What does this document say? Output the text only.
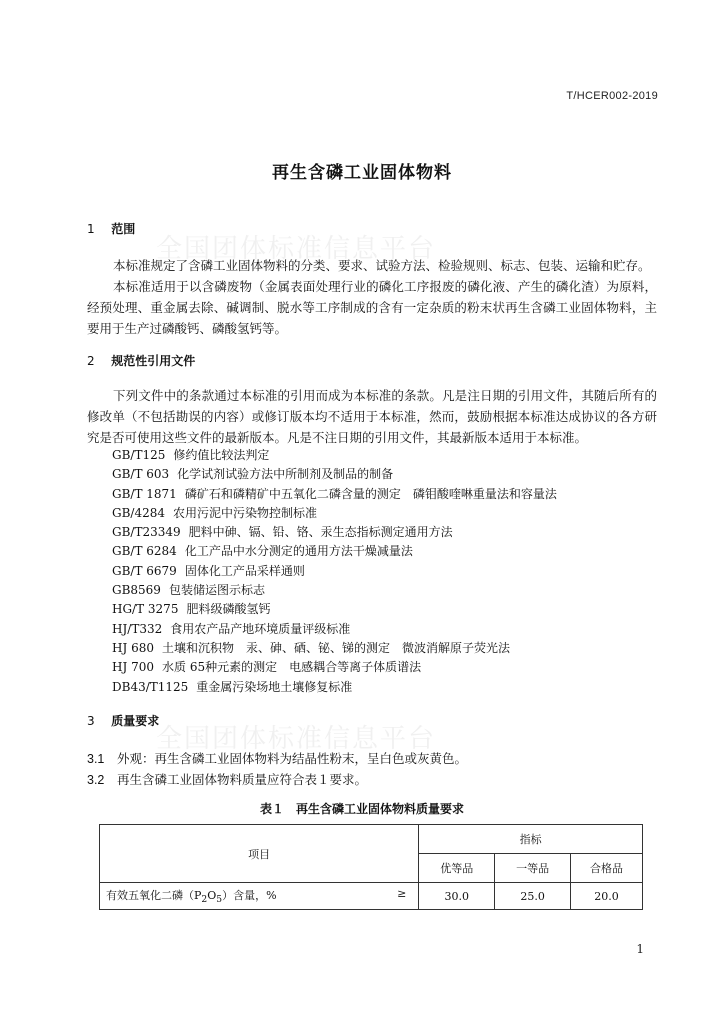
T/HCER002-2019
再生含磷工业固体物料
全国团体标准信息平台
全国团体标准信息平台
1 范围
本标准规定了含磷工业固体物料的分类、要求、试验方法、检验规则、标志、包装、运输和贮存。
本标准适用于以含磷废物（金属表面处理行业的磷化工序报废的磷化液、产生的磷化渣）为原料，经预处理、重金属去除、碱调制、脱水等工序制成的含有一定杂质的粉末状再生含磷工业固体物料，主要用于生产过磷酸钙、磷酸氢钙等。
2 规范性引用文件
下列文件中的条款通过本标准的引用而成为本标准的条款。凡是注日期的引用文件，其随后所有的修改单（不包括勘误的内容）或修订版本均不适用于本标准，然而，鼓励根据本标准达成协议的各方研究是否可使用这些文件的最新版本。凡是不注日期的引用文件，其最新版本适用于本标准。
GB/T125 修约值比较法判定
GB/T 603 化学试剂试验方法中所制剂及制品的制备
GB/T 1871 磷矿石和磷精矿中五氧化二磷含量的测定　磷钼酸喹啉重量法和容量法
GB/4284 农用污泥中污染物控制标准
GB/T23349 肥料中砷、镉、铅、铬、汞生态指标测定通用方法
GB/T 6284 化工产品中水分测定的通用方法干燥减量法
GB/T 6679 固体化工产品采样通则
GB8569 包装储运图示标志
HG/T 3275 肥料级磷酸氢钙
HJ/T332 食用农产品产地环境质量评级标准
HJ 680 土壤和沉积物　汞、砷、硒、铋、锑的测定　微波消解原子荧光法
HJ 700 水质 65种元素的测定　电感耦合等离子体质谱法
DB43/T1125 重金属污染场地土壤修复标准
3 质量要求
3.1 外观：再生含磷工业固体物料为结晶性粉末，呈白色或灰黄色。
3.2 再生含磷工业固体物料质量应符合表１要求。
表１　 再生含磷工业固体物料质量要求
项目	指标		
	优等品	一等品	合格品
有效五氧化二磷$(P_2O_5)$含量，% ≥	30.0	25.0	20.0
1
